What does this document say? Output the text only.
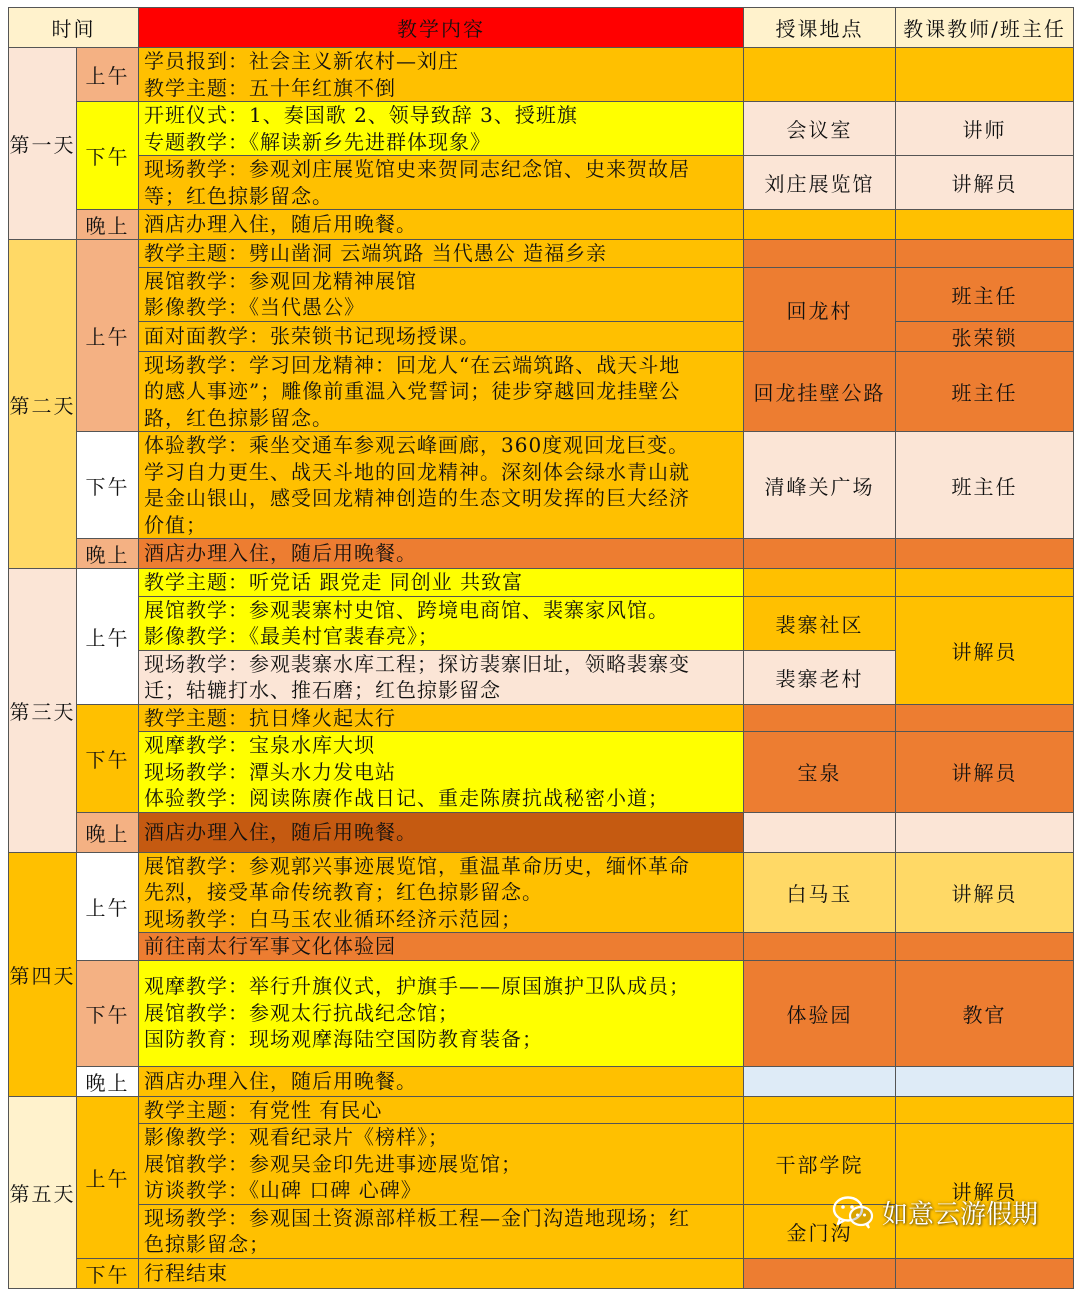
时间		教学内容	授课地点	教课教师/班主任
第一天	上午	学员报到：社会主义新农村—刘庄
教学主题：五十年红旗不倒		

	下午	开班仪式：1、奏国歌 2、领导致辞 3、授班旗
专题教学：《解读新乡先进群体现象》	会议室	讲师

		现场教学：参观刘庄展览馆史来贺同志纪念馆、史来贺故居
等；红色掠影留念。	刘庄展览馆	讲解员
	晚上	酒店办理入住，随后用晚餐。		
第二天	上午	教学主题：劈山凿洞 云端筑路 当代愚公 造福乡亲		

		展馆教学：参观回龙精神展馆
影像教学：《当代愚公》	回龙村	班主任
		面对面教学：张荣锁书记现场授课。		张荣锁

		现场教学：学习回龙精神：回龙人“在云端筑路、战天斗地
的感人事迹”；雕像前重温入党誓词；徒步穿越回龙挂壁公
路，红色掠影留念。	回龙挂壁公路	班主任
	下午	体验教学：乘坐交通车参观云峰画廊，360度观回龙巨变。
学习自力更生、战天斗地的回龙精神。深刻体会绿水青山就
是金山银山，感受回龙精神创造的生态文明发挥的巨大经济
价值；	清峰关广场	班主任
	晚上	酒店办理入住，随后用晚餐。		
第三天	上午	教学主题：听党话 跟党走 同创业 共致富		

		展馆教学：参观裴寨村史馆、跨境电商馆、裴寨家风馆。
影像教学：《最美村官裴春亮》；	裴寨社区	讲解员

		现场教学：参观裴寨水库工程；探访裴寨旧址，领略裴寨变
迁；轱辘打水、推石磨；红色掠影留念	裴寨老村	
	下午	教学主题：抗日烽火起太行		

		观摩教学：宝泉水库大坝
现场教学：潭头水力发电站
体验教学：阅读陈赓作战日记、重走陈赓抗战秘密小道；	宝泉	讲解员
	晚上	酒店办理入住，随后用晚餐。		
第四天	上午	展馆教学：参观郭兴事迹展览馆，重温革命历史，缅怀革命
先烈，接受革命传统教育；红色掠影留念。
现场教学：白马玉农业循环经济示范园；	白马玉	讲解员
		前往南太行军事文化体验园		
	下午	观摩教学：举行升旗仪式，护旗手——原国旗护卫队成员；
展馆教学：参观太行抗战纪念馆；
国防教育：现场观摩海陆空国防教育装备；	体验园	教官
	晚上	酒店办理入住，随后用晚餐。		
第五天	上午	教学主题：有党性 有民心		

		影像教学：观看纪录片《榜样》；
展馆教学：参观吴金印先进事迹展览馆；
访谈教学：《山碑 口碑 心碑》	干部学院	讲解员

		现场教学：参观国土资源部样板工程—金门沟造地现场；红
色掠影留念；	金门沟	
	下午	行程结束		
如意云游假期
